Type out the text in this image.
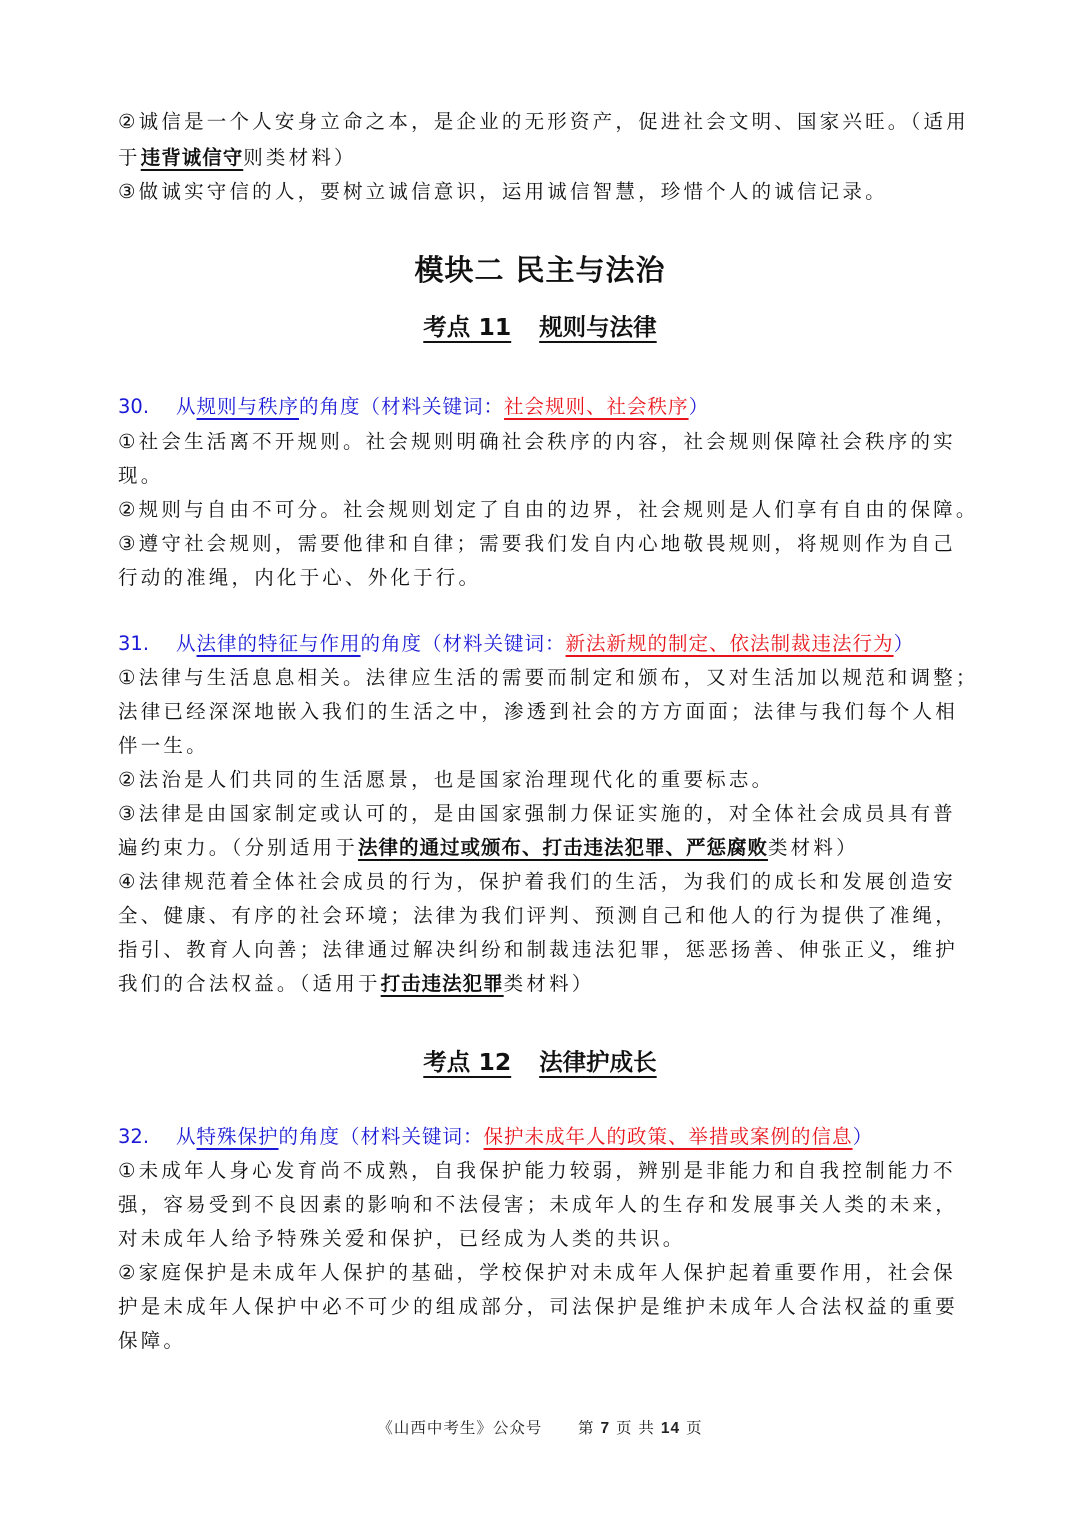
②诚信是一个人安身立命之本，是企业的无形资产，促进社会文明、国家兴旺。（适用
于违背诚信守则类材料）
③做诚实守信的人，要树立诚信意识，运用诚信智慧，珍惜个人的诚信记录。
模块二 民主与法治
考点 11 规则与法律
30. 从规则与秩序的角度（材料关键词：社会规则、社会秩序）
①社会生活离不开规则。社会规则明确社会秩序的内容，社会规则保障社会秩序的实
现。
②规则与自由不可分。社会规则划定了自由的边界，社会规则是人们享有自由的保障。
③遵守社会规则，需要他律和自律；需要我们发自内心地敬畏规则，将规则作为自己
行动的准绳，内化于心、外化于行。
31. 从法律的特征与作用的角度（材料关键词：新法新规的制定、依法制裁违法行为）
①法律与生活息息相关。法律应生活的需要而制定和颁布，又对生活加以规范和调整；
法律已经深深地嵌入我们的生活之中，渗透到社会的方方面面；法律与我们每个人相
伴一生。
②法治是人们共同的生活愿景，也是国家治理现代化的重要标志。
③法律是由国家制定或认可的，是由国家强制力保证实施的，对全体社会成员具有普
遍约束力。（分别适用于法律的通过或颁布、打击违法犯罪、严惩腐败类材料）
④法律规范着全体社会成员的行为，保护着我们的生活，为我们的成长和发展创造安
全、健康、有序的社会环境；法律为我们评判、预测自己和他人的行为提供了准绳，
指引、教育人向善；法律通过解决纠纷和制裁违法犯罪，惩恶扬善、伸张正义，维护
我们的合法权益。（适用于打击违法犯罪类材料）
考点 12 法律护成长
32. 从特殊保护的角度（材料关键词：保护未成年人的政策、举措或案例的信息）
①未成年人身心发育尚不成熟，自我保护能力较弱，辨别是非能力和自我控制能力不
强，容易受到不良因素的影响和不法侵害；未成年人的生存和发展事关人类的未来，
对未成年人给予特殊关爱和保护，已经成为人类的共识。
②家庭保护是未成年人保护的基础，学校保护对未成年人保护起着重要作用，社会保
护是未成年人保护中必不可少的组成部分，司法保护是维护未成年人合法权益的重要
保障。
《山西中考生》公众号 第 7 页 共 14 页
